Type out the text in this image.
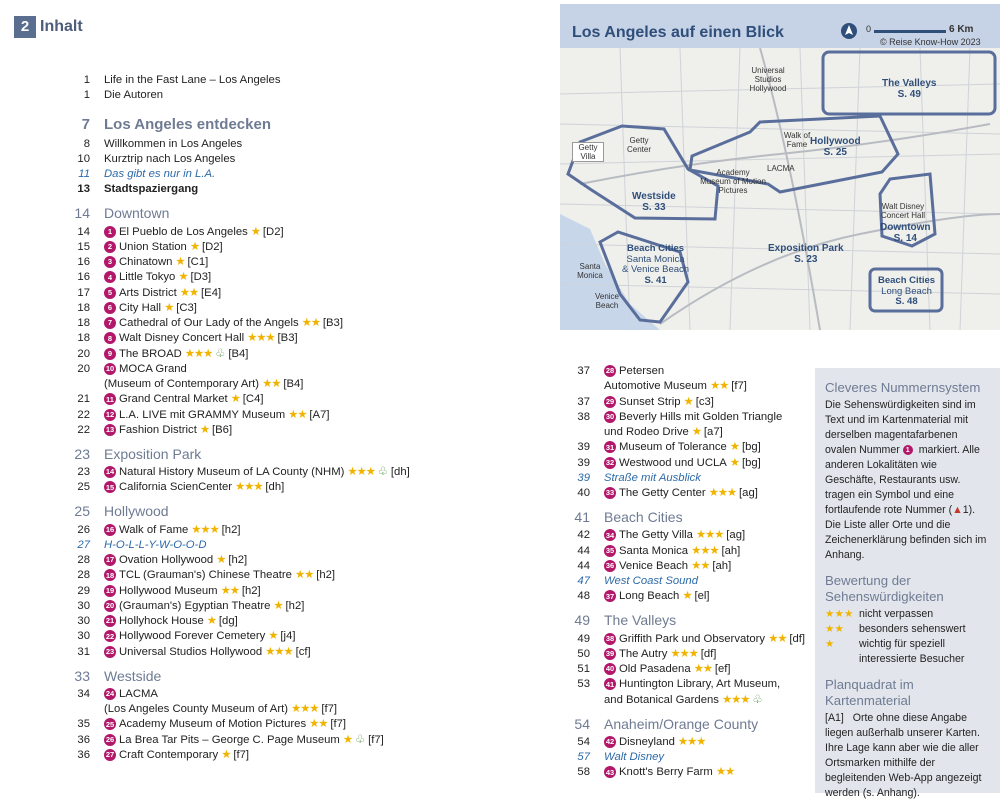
2 Inhalt
1	Life in the Fast Lane – Los Angeles
1	Die Autoren
7 Los Angeles entdecken
8	Willkommen in Los Angeles
10	Kurztrip nach Los Angeles
11	Das gibt es nur in L.A.
13	Stadtspaziergang
14	Downtown
14	1 El Pueblo de Los Angeles ★ [D2]
15	2 Union Station ★ [D2]
16	3 Chinatown ★ [C1]
16	4 Little Tokyo ★ [D3]
17	5 Arts District ★★ [E4]
18	6 City Hall ★ [C3]
18	7 Cathedral of Our Lady of the Angels ★★ [B3]
18	8 Walt Disney Concert Hall ★★★ [B3]
20	9 The BROAD ★★★ ♧ [B4]
20	10 MOCA Grand
(Museum of Contemporary Art) ★★ [B4]
21	11 Grand Central Market ★ [C4]
22	12 L.A. LIVE mit GRAMMY Museum ★★ [A7]
22	13 Fashion District ★ [B6]
23	Exposition Park
23	14 Natural History Museum of LA County (NHM) ★★★ ♧ [dh]
25	15 California ScienCenter ★★★ [dh]
25	Hollywood
26	16 Walk of Fame ★★★ [h2]
27	H-O-L-L-Y-W-O-O-D
28	17 Ovation Hollywood ★ [h2]
28	18 TCL (Grauman's) Chinese Theatre ★★ [h2]
29	19 Hollywood Museum ★★ [h2]
30	20 (Grauman's) Egyptian Theatre ★ [h2]
30	21 Hollyhock House ★ [dg]
30	22 Hollywood Forever Cemetery ★ [j4]
31	23 Universal Studios Hollywood ★★★ [cf]
33	Westside
34	24 LACMA
(Los Angeles County Museum of Art) ★★★ [f7]
35	25 Academy Museum of Motion Pictures ★★ [f7]
36	26 La Brea Tar Pits – George C. Page Museum ★ ♧ [f7]
36	27 Craft Contemporary ★ [f7]
37	28 Petersen
Automotive Museum ★★ [f7]
37	29 Sunset Strip ★ [c3]
38	30 Beverly Hills mit Golden Triangle
und Rodeo Drive ★ [a7]
39	31 Museum of Tolerance ★ [bg]
39	32 Westwood und UCLA ★ [bg]
39	Straße mit Ausblick
40	33 The Getty Center ★★★ [ag]
41	Beach Cities
42	34 The Getty Villa ★★★ [ag]
44	35 Santa Monica ★★★ [ah]
44	36 Venice Beach ★★ [ah]
47	West Coast Sound
48	37 Long Beach ★ [el]
49	The Valleys
49	38 Griffith Park und Observatory ★★ [df]
50	39 The Autry ★★★ [df]
51	40 Old Pasadena ★★ [ef]
53	41 Huntington Library, Art Museum,
and Botanical Gardens ★★★ ♧
54	Anaheim/Orange County
54	42 Disneyland ★★★
57	Walt Disney
58	43 Knott's Berry Farm ★★
Los Angeles auf einen Blick	0	6 Km
© Reise Know-How 2023
The Valleys
S. 49
Hollywood
S. 25
Westside
S. 33
Downtown
S. 14
Exposition Park
S. 23
Beach Cities
Santa Monica
& Venice Beach
S. 41	Beach Cities
Long Beach
S. 48
Universal Studios Hollywood
Walk of Fame
Academy Museum of Motion Pictures
LACMA
Getty Center
Getty Villa
Walt Disney Concert Hall
Santa Monica
Venice Beach
Cleveres Nummernsystem
Die Sehenswürdigkeiten sind im Text und im Kartenmaterial mit derselben magentafarbenen ovalen Nummer 1 markiert. Alle anderen Lokalitäten wie Geschäfte, Restaurants usw. tragen ein Symbol und eine fortlaufende rote Nummer (▲1). Die Liste aller Orte und die Zeichenerklärung befinden sich im Anhang.
Bewertung der Sehenswürdigkeiten
★★★ nicht verpassen
★★	besonders sehenswert
★	wichtig für speziell interessierte Besucher
Planquadrat im Kartenmaterial
[A1] Orte ohne diese Angabe liegen außerhalb unserer Karten. Ihre Lage kann aber wie die aller Ortsmarken mithilfe der begleitenden Web-App angezeigt werden (s. Anhang).
